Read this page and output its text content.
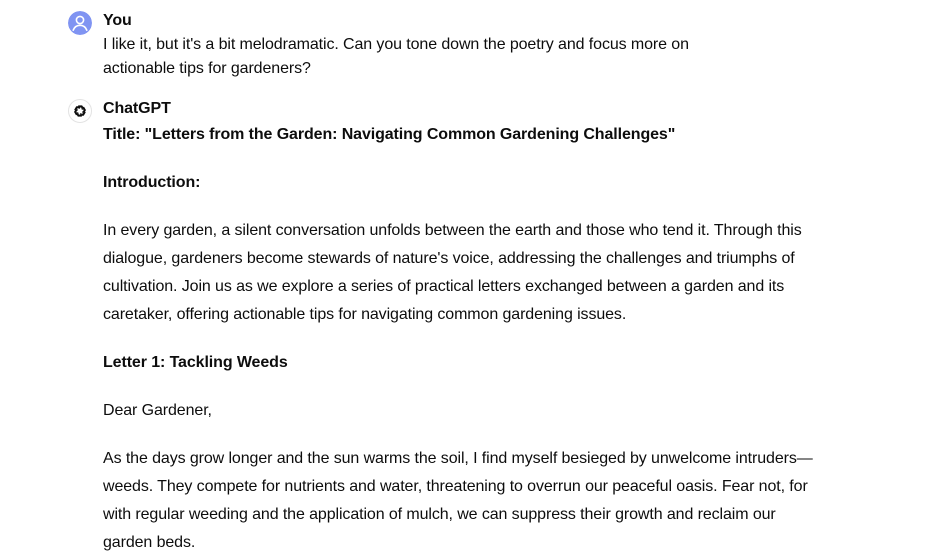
You
I like it, but it's a bit melodramatic. Can you tone down the poetry and focus more on actionable tips for gardeners?
ChatGPT

Title: "Letters from the Garden: Navigating Common Gardening Challenges"

Introduction:

In every garden, a silent conversation unfolds between the earth and those who tend it. Through this dialogue, gardeners become stewards of nature's voice, addressing the challenges and triumphs of cultivation. Join us as we explore a series of practical letters exchanged between a garden and its caretaker, offering actionable tips for navigating common gardening issues.

Letter 1: Tackling Weeds

Dear Gardener,

As the days grow longer and the sun warms the soil, I find myself besieged by unwelcome intruders—weeds. They compete for nutrients and water, threatening to overrun our peaceful oasis. Fear not, for with regular weeding and the application of mulch, we can suppress their growth and reclaim our garden beds.
